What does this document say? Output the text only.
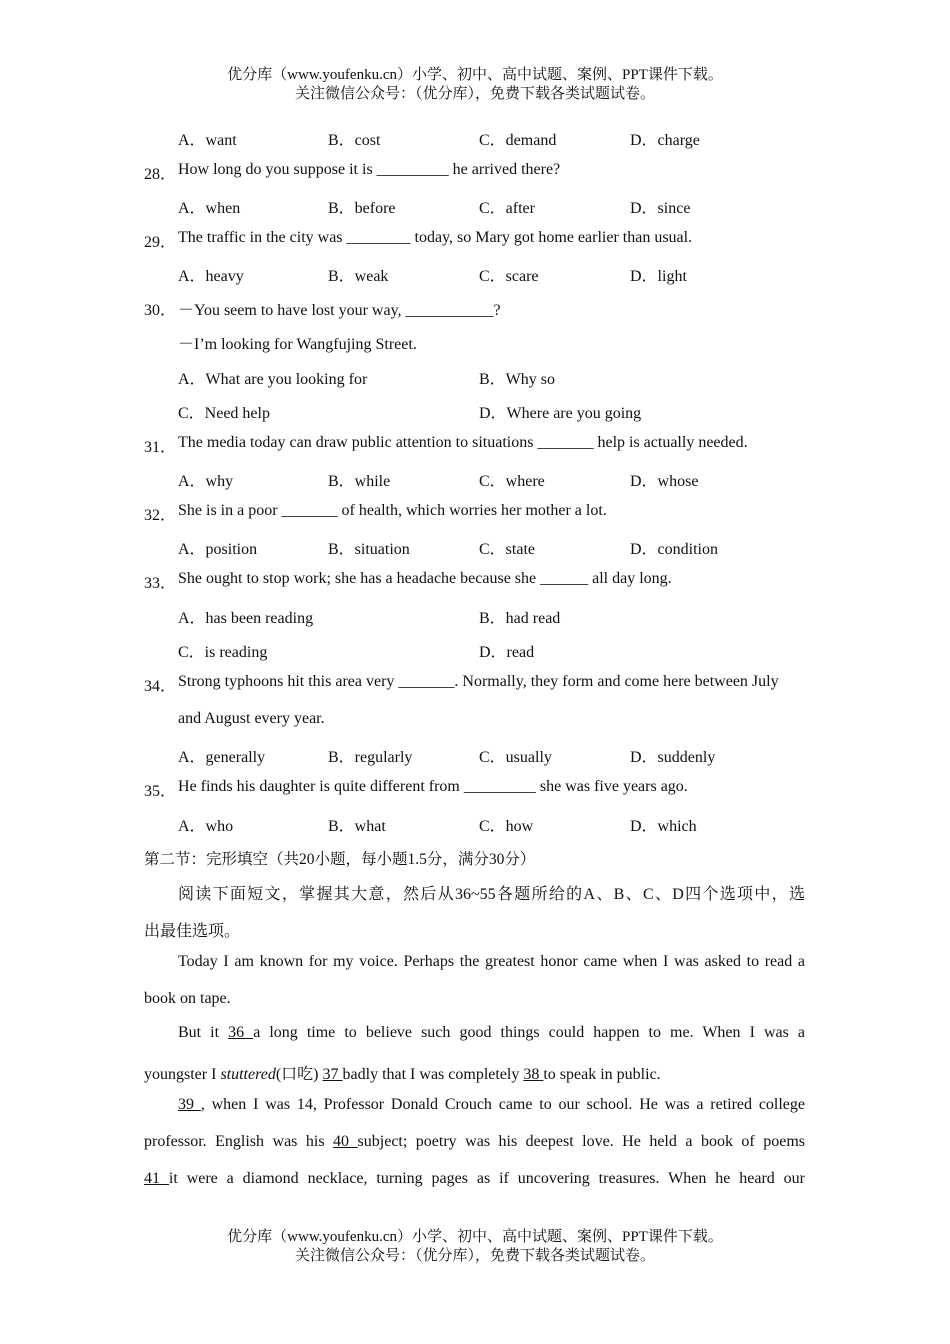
优分库（www.youfenku.cn）小学、初中、高中试题、案例、PPT课件下载。
关注微信公众号：（优分库），免费下载各类试题试卷。
A．want	B．cost	C．demand	D．charge
28． How long do you suppose it is _________ he arrived there?
A．when	B．before	C．after	D．since
29． The traffic in the city was ________ today, so Mary got home earlier than usual.
A．heavy	B．weak	C．scare	D．light
30． －You seem to have lost your way, ___________?
－I’m looking for Wangfujing Street.
A．What are you looking for	B．Why so
C．Need help	D．Where are you going
31． The media today can draw public attention to situations _______ help is actually needed.
A．why	B．while	C．where	D．whose
32． She is in a poor _______ of health, which worries her mother a lot.
A．position	B．situation	C．state	D．condition
33． She ought to stop work; she has a headache because she ______ all day long.
A．has been reading	B．had read
C．is reading	D．read
34． Strong typhoons hit this area very _______. Normally, they form and come here between July
and August every year.
A．generally	B．regularly	C．usually	D．suddenly
35． He finds his daughter is quite different from _________ she was five years ago.
A．who	B．what	C．how	D．which
第二节：完形填空（共20小题，每小题1.5分，满分30分）
阅读下面短文，掌握其大意，然后从36~55各题所给的A、B、C、D四个选项中，选
出最佳选项。
Today I am known for my voice. Perhaps the greatest honor came when I was asked to read a
book on tape.
But it 36 a long time to believe such good things could happen to me. When I was a
youngster I stuttered(口吃) 37 badly that I was completely 38 to speak in public.
39 , when I was 14, Professor Donald Crouch came to our school. He was a retired college
professor. English was his 40 subject; poetry was his deepest love. He held a book of poems
41 it were a diamond necklace, turning pages as if uncovering treasures. When he heard our
优分库（www.youfenku.cn）小学、初中、高中试题、案例、PPT课件下载。
关注微信公众号：（优分库），免费下载各类试题试卷。
